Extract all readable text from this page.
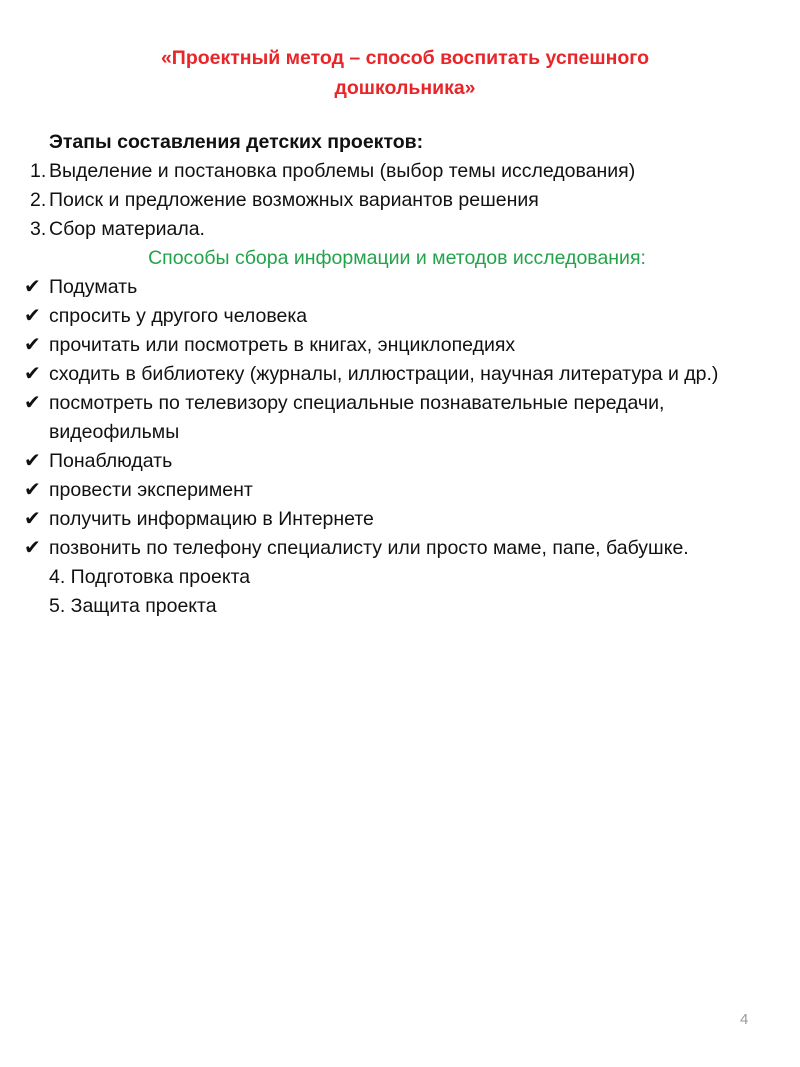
«Проектный метод – способ воспитать успешного дошкольника»
Этапы составления детских проектов:
1. Выделение и постановка проблемы (выбор темы исследования)
2. Поиск и предложение возможных вариантов решения
3. Сбор материала.
Способы сбора информации и методов исследования:
✔ Подумать
✔ спросить у другого человека
✔ прочитать или посмотреть в книгах, энциклопедиях
✔ сходить в библиотеку (журналы, иллюстрации, научная литература и др.)
✔ посмотреть по телевизору специальные познавательные передачи, видеофильмы
✔ Понаблюдать
✔ провести эксперимент
✔ получить информацию в Интернете
✔ позвонить по телефону специалисту или просто маме, папе, бабушке.
4. Подготовка проекта
5. Защита проекта
4
